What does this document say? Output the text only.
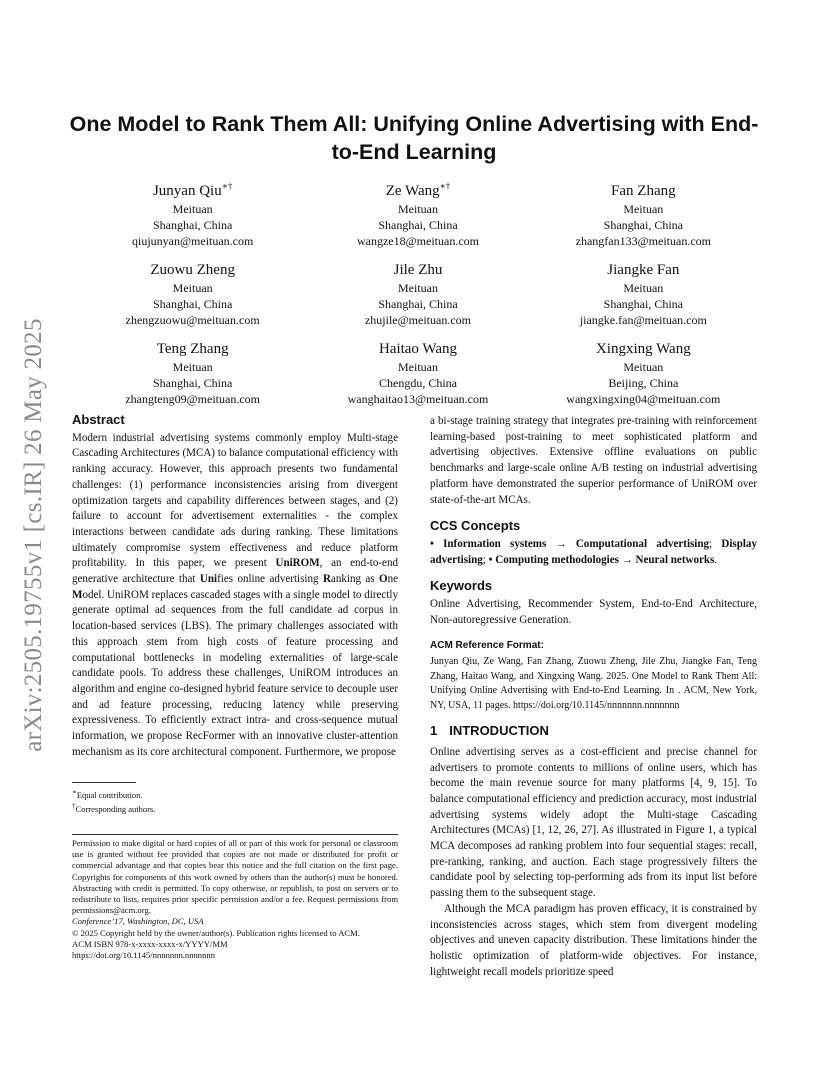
arXiv:2505.19755v1 [cs.IR] 26 May 2025
One Model to Rank Them All: Unifying Online Advertising with End-to-End Learning
Junyan Qiu∗†
Meituan
Shanghai, China
qiujunyan@meituan.com
Ze Wang∗†
Meituan
Shanghai, China
wangze18@meituan.com
Fan Zhang
Meituan
Shanghai, China
zhangfan133@meituan.com
Zuowu Zheng
Meituan
Shanghai, China
zhengzuowu@meituan.com
Jile Zhu
Meituan
Shanghai, China
zhujile@meituan.com
Jiangke Fan
Meituan
Shanghai, China
jiangke.fan@meituan.com
Teng Zhang
Meituan
Shanghai, China
zhangteng09@meituan.com
Haitao Wang
Meituan
Chengdu, China
wanghaitao13@meituan.com
Xingxing Wang
Meituan
Beijing, China
wangxingxing04@meituan.com
Abstract

Modern industrial advertising systems commonly employ Multi-stage Cascading Architectures (MCA) to balance computational efficiency with ranking accuracy. However, this approach presents two fundamental challenges: (1) performance inconsistencies arising from divergent optimization targets and capability differences between stages, and (2) failure to account for advertisement externalities - the complex interactions between candidate ads during ranking. These limitations ultimately compromise system effectiveness and reduce platform profitability. In this paper, we present UniROM, an end-to-end generative architecture that Unifies online advertising Ranking as One Model. UniROM replaces cascaded stages with a single model to directly generate optimal ad sequences from the full candidate ad corpus in location-based services (LBS). The primary challenges associated with this approach stem from high costs of feature processing and computational bottlenecks in modeling externalities of large-scale candidate pools. To address these challenges, UniROM introduces an algorithm and engine co-designed hybrid feature service to decouple user and ad feature processing, reducing latency while preserving expressiveness. To efficiently extract intra- and cross-sequence mutual information, we propose RecFormer with an innovative cluster-attention mechanism as its core architectural component. Furthermore, we propose

∗Equal contribution.
†Corresponding authors.

Permission to make digital or hard copies of all or part of this work for personal or classroom use is granted without fee provided that copies are not made or distributed for profit or commercial advantage and that copies bear this notice and the full citation on the first page. Copyrights for components of this work owned by others than the author(s) must be honored. Abstracting with credit is permitted. To copy otherwise, or republish, to post on servers or to redistribute to lists, requires prior specific permission and/or a fee. Request permissions from permissions@acm.org.

Conference’17, Washington, DC, USA
© 2025 Copyright held by the owner/author(s). Publication rights licensed to ACM.
ACM ISBN 978-x-xxxx-xxxx-x/YYYY/MM
https://doi.org/10.1145/nnnnnnn.nnnnnnn

a bi-stage training strategy that integrates pre-training with reinforcement learning-based post-training to meet sophisticated platform and advertising objectives. Extensive offline evaluations on public benchmarks and large-scale online A/B testing on industrial advertising platform have demonstrated the superior performance of UniROM over state-of-the-art MCAs.

CCS Concepts

• Information systems → Computational advertising; Display advertising; • Computing methodologies → Neural networks.

Keywords

Online Advertising, Recommender System, End-to-End Architecture, Non-autoregressive Generation.

ACM Reference Format:

Junyan Qiu, Ze Wang, Fan Zhang, Zuowu Zheng, Jile Zhu, Jiangke Fan, Teng Zhang, Haitao Wang, and Xingxing Wang. 2025. One Model to Rank Them All: Unifying Online Advertising with End-to-End Learning. In . ACM, New York, NY, USA, 11 pages. https://doi.org/10.1145/nnnnnnn.nnnnnnn

1 INTRODUCTION

Online advertising serves as a cost-efficient and precise channel for advertisers to promote contents to millions of online users, which has become the main revenue source for many platforms [4, 9, 15]. To balance computational efficiency and prediction accuracy, most industrial advertising systems widely adopt the Multi-stage Cascading Architectures (MCAs) [1, 12, 26, 27]. As illustrated in Figure 1, a typical MCA decomposes ad ranking problem into four sequential stages: recall, pre-ranking, ranking, and auction. Each stage progressively filters the candidate pool by selecting top-performing ads from its input list before passing them to the subsequent stage.

Although the MCA paradigm has proven efficacy, it is constrained by inconsistencies across stages, which stem from divergent modeling objectives and uneven capacity distribution. These limitations hinder the holistic optimization of platform-wide objectives. For instance, lightweight recall models prioritize speed
